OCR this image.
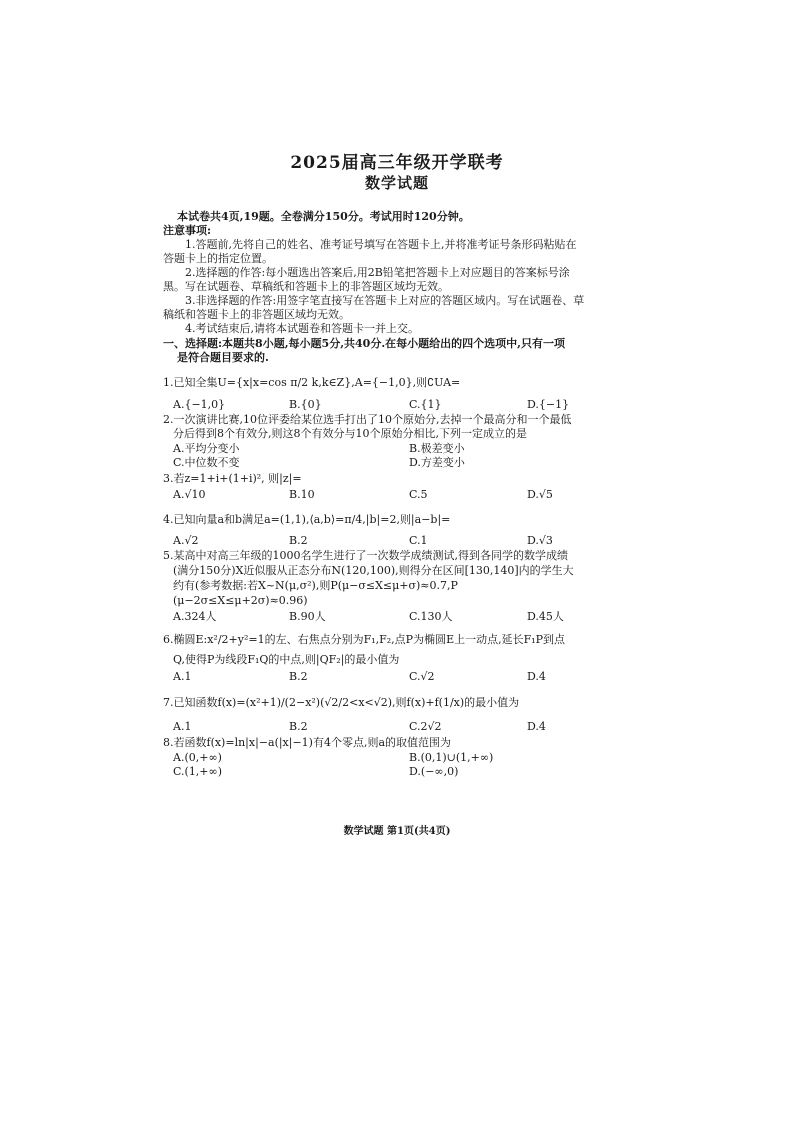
2025届高三年级开学联考
数学试题
本试卷共4页,19题。全卷满分150分。考试用时120分钟。
注意事项:
1.答题前,先将自己的姓名、准考证号填写在答题卡上,并将准考证号条形码粘贴在
答题卡上的指定位置。
2.选择题的作答:每小题选出答案后,用2B铅笔把答题卡上对应题目的答案标号涂
黑。写在试题卷、草稿纸和答题卡上的非答题区域均无效。
3.非选择题的作答:用签字笔直接写在答题卡上对应的答题区域内。写在试题卷、草
稿纸和答题卡上的非答题区域均无效。
4.考试结束后,请将本试题卷和答题卡一并上交。
一、选择题:本题共8小题,每小题5分,共40分.在每小题给出的四个选项中,只有一项
是符合题目要求的.
1.已知全集U={x|x=cos π/2 k,k∈Z},A={−1,0},则∁UA=
A.{−1,0}	B.{0}	C.{1}	D.{−1}
2.一次演讲比赛,10位评委给某位选手打出了10个原始分,去掉一个最高分和一个最低
分后得到8个有效分,则这8个有效分与10个原始分相比,下列一定成立的是
A.平均分变小	B.极差变小
C.中位数不变	D.方差变小
3.若z=1+i+(1+i)², 则|z|=
A.√10	B.10	C.5	D.√5
4.已知向量a和b满足a=(1,1),⟨a,b⟩=π/4,|b|=2,则|a−b|=
A.√2	B.2	C.1	D.√3
5.某高中对高三年级的1000名学生进行了一次数学成绩测试,得到各同学的数学成绩
(满分150分)X近似服从正态分布N(120,100),则得分在区间[130,140]内的学生大
约有(参考数据:若X~N(μ,σ²),则P(μ−σ≤X≤μ+σ)≈0.7,P
(μ−2σ≤X≤μ+2σ)≈0.96)
A.324人	B.90人	C.130人	D.45人
6.椭圆E:x²/2+y²=1的左、右焦点分别为F₁,F₂,点P为椭圆E上一动点,延长F₁P到点
Q,使得P为线段F₁Q的中点,则|QF₂|的最小值为
A.1	B.2	C.√2	D.4
7.已知函数f(x)=(x²+1)/(2−x²)(√2/2<x<√2),则f(x)+f(1/x)的最小值为
A.1	B.2	C.2√2	D.4
8.若函数f(x)=ln|x|−a(|x|−1)有4个零点,则a的取值范围为
A.(0,+∞)	B.(0,1)∪(1,+∞)
C.(1,+∞)	D.(−∞,0)
数学试题 第1页(共4页)
